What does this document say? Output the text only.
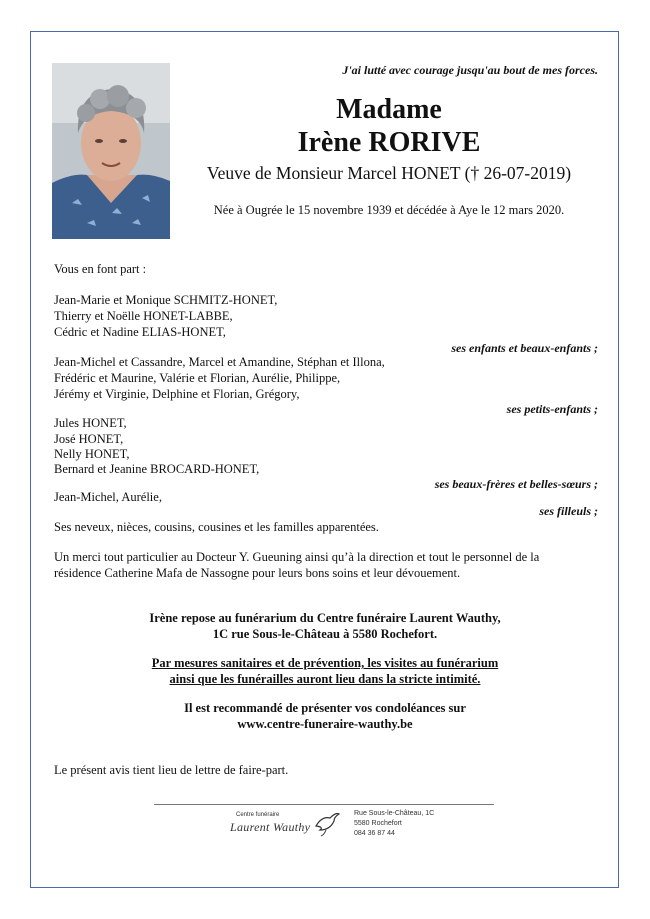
J'ai lutté avec courage jusqu'au bout de mes forces.
Madame
Irène RORIVE
Veuve de Monsieur Marcel HONET († 26-07-2019)
Née à Ougrée le 15 novembre 1939 et décédée à Aye le 12 mars 2020.
Vous en font part :
Jean-Marie et Monique SCHMITZ-HONET,
Thierry et Noëlle HONET-LABBE,
Cédric et Nadine ELIAS-HONET,
ses enfants et beaux-enfants ;
Jean-Michel et Cassandre, Marcel et Amandine, Stéphan et Illona,
Frédéric et Maurine, Valérie et Florian, Aurélie, Philippe,
Jérémy et Virginie, Delphine et Florian, Grégory,
ses petits-enfants ;
Jules HONET,
José HONET,
Nelly HONET,
Bernard et Jeanine BROCARD-HONET,
ses beaux-frères et belles-sœurs ;
Jean-Michel, Aurélie,
ses filleuls ;
Ses neveux, nièces, cousins, cousines et les familles apparentées.
Un merci tout particulier au Docteur Y. Gueuning ainsi qu’à la direction et tout le personnel de la
résidence Catherine Mafa de Nassogne pour leurs bons soins et leur dévouement.
Irène repose au funérarium du Centre funéraire Laurent Wauthy,
1C rue Sous-le-Château à 5580 Rochefort.
Par mesures sanitaires et de prévention, les visites au funérarium
ainsi que les funérailles auront lieu dans la stricte intimité.
Il est recommandé de présenter vos condoléances sur
www.centre-funeraire-wauthy.be
Le présent avis tient lieu de lettre de faire-part.
Centre funéraire
Laurent Wauthy
Rue Sous-le-Château, 1C
5580 Rochefort
084 36 87 44
